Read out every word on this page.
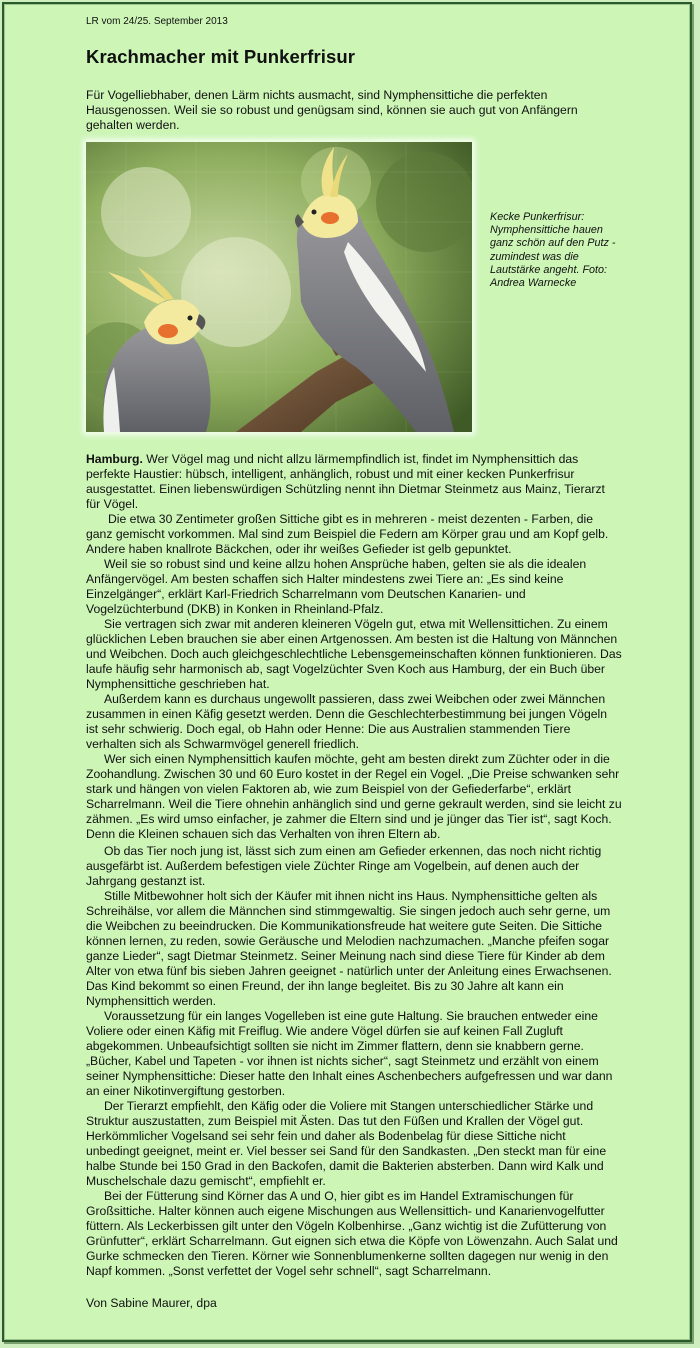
LR vom 24/25. September 2013
Krachmacher mit Punkerfrisur

Für Vogelliebhaber, denen Lärm nichts ausmacht, sind Nymphensittiche die perfekten Hausgenossen. Weil sie so robust und genügsam sind, können sie auch gut von Anfängern gehalten werden.

Kecke Punkerfrisur: Nymphensittiche hauen ganz schön auf den Putz - zumindest was die Lautstärke angeht. Foto: Andrea Warnecke

Hamburg. Wer Vögel mag und nicht allzu lärmempfindlich ist, findet im Nymphensittich das perfekte Haustier: hübsch, intelligent, anhänglich, robust und mit einer kecken Punkerfrisur ausgestattet. Einen liebenswürdigen Schützling nennt ihn Dietmar Steinmetz aus Mainz, Tierarzt für Vögel.

Die etwa 30 Zentimeter großen Sittiche gibt es in mehreren - meist dezenten - Farben, die ganz gemischt vorkommen. Mal sind zum Beispiel die Federn am Körper grau und am Kopf gelb. Andere haben knallrote Bäckchen, oder ihr weißes Gefieder ist gelb gepunktet.

Weil sie so robust sind und keine allzu hohen Ansprüche haben, gelten sie als die idealen Anfängervögel. Am besten schaffen sich Halter mindestens zwei Tiere an: „Es sind keine Einzelgänger“, erklärt Karl-Friedrich Scharrelmann vom Deutschen Kanarien- und Vogelzüchterbund (DKB) in Konken in Rheinland-Pfalz.

Sie vertragen sich zwar mit anderen kleineren Vögeln gut, etwa mit Wellensittichen. Zu einem glücklichen Leben brauchen sie aber einen Artgenossen. Am besten ist die Haltung von Männchen und Weibchen. Doch auch gleichgeschlechtliche Lebensgemeinschaften können funktionieren. Das laufe häufig sehr harmonisch ab, sagt Vogelzüchter Sven Koch aus Hamburg, der ein Buch über Nymphensittiche geschrieben hat.

Außerdem kann es durchaus ungewollt passieren, dass zwei Weibchen oder zwei Männchen zusammen in einen Käfig gesetzt werden. Denn die Geschlechterbestimmung bei jungen Vögeln ist sehr schwierig. Doch egal, ob Hahn oder Henne: Die aus Australien stammenden Tiere verhalten sich als Schwarmvögel generell friedlich.

Wer sich einen Nymphensittich kaufen möchte, geht am besten direkt zum Züchter oder in die Zoohandlung. Zwischen 30 und 60 Euro kostet in der Regel ein Vogel. „Die Preise schwanken sehr stark und hängen von vielen Faktoren ab, wie zum Beispiel von der Gefiederfarbe“, erklärt Scharrelmann. Weil die Tiere ohnehin anhänglich sind und gerne gekrault werden, sind sie leicht zu zähmen. „Es wird umso einfacher, je zahmer die Eltern sind und je jünger das Tier ist“, sagt Koch. Denn die Kleinen schauen sich das Verhalten von ihren Eltern ab.

Ob das Tier noch jung ist, lässt sich zum einen am Gefieder erkennen, das noch nicht richtig ausgefärbt ist. Außerdem befestigen viele Züchter Ringe am Vogelbein, auf denen auch der Jahrgang gestanzt ist.

Stille Mitbewohner holt sich der Käufer mit ihnen nicht ins Haus. Nymphensittiche gelten als Schreihälse, vor allem die Männchen sind stimmgewaltig. Sie singen jedoch auch sehr gerne, um die Weibchen zu beeindrucken. Die Kommunikationsfreude hat weitere gute Seiten. Die Sittiche können lernen, zu reden, sowie Geräusche und Melodien nachzumachen. „Manche pfeifen sogar ganze Lieder“, sagt Dietmar Steinmetz. Seiner Meinung nach sind diese Tiere für Kinder ab dem Alter von etwa fünf bis sieben Jahren geeignet - natürlich unter der Anleitung eines Erwachsenen. Das Kind bekommt so einen Freund, der ihn lange begleitet. Bis zu 30 Jahre alt kann ein Nymphensittich werden.

Voraussetzung für ein langes Vogelleben ist eine gute Haltung. Sie brauchen entweder eine Voliere oder einen Käfig mit Freiflug. Wie andere Vögel dürfen sie auf keinen Fall Zugluft abgekommen. Unbeaufsichtigt sollten sie nicht im Zimmer flattern, denn sie knabbern gerne. „Bücher, Kabel und Tapeten - vor ihnen ist nichts sicher“, sagt Steinmetz und erzählt von einem seiner Nymphensittiche: Dieser hatte den Inhalt eines Aschenbechers aufgefressen und war dann an einer Nikotinvergiftung gestorben.

Der Tierarzt empfiehlt, den Käfig oder die Voliere mit Stangen unterschiedlicher Stärke und Struktur auszustatten, zum Beispiel mit Ästen. Das tut den Füßen und Krallen der Vögel gut. Herkömmlicher Vogelsand sei sehr fein und daher als Bodenbelag für diese Sittiche nicht unbedingt geeignet, meint er. Viel besser sei Sand für den Sandkasten. „Den steckt man für eine halbe Stunde bei 150 Grad in den Backofen, damit die Bakterien absterben. Dann wird Kalk und Muschelschale dazu gemischt“, empfiehlt er.

Bei der Fütterung sind Körner das A und O, hier gibt es im Handel Extramischungen für Großsittiche. Halter können auch eigene Mischungen aus Wellensittich- und Kanarienvogelfutter füttern. Als Leckerbissen gilt unter den Vögeln Kolbenhirse. „Ganz wichtig ist die Zufütterung von Grünfutter“, erklärt Scharrelmann. Gut eignen sich etwa die Köpfe von Löwenzahn. Auch Salat und Gurke schmecken den Tieren. Körner wie Sonnenblumenkerne sollten dagegen nur wenig in den Napf kommen. „Sonst verfettet der Vogel sehr schnell“, sagt Scharrelmann.

Von Sabine Maurer, dpa
